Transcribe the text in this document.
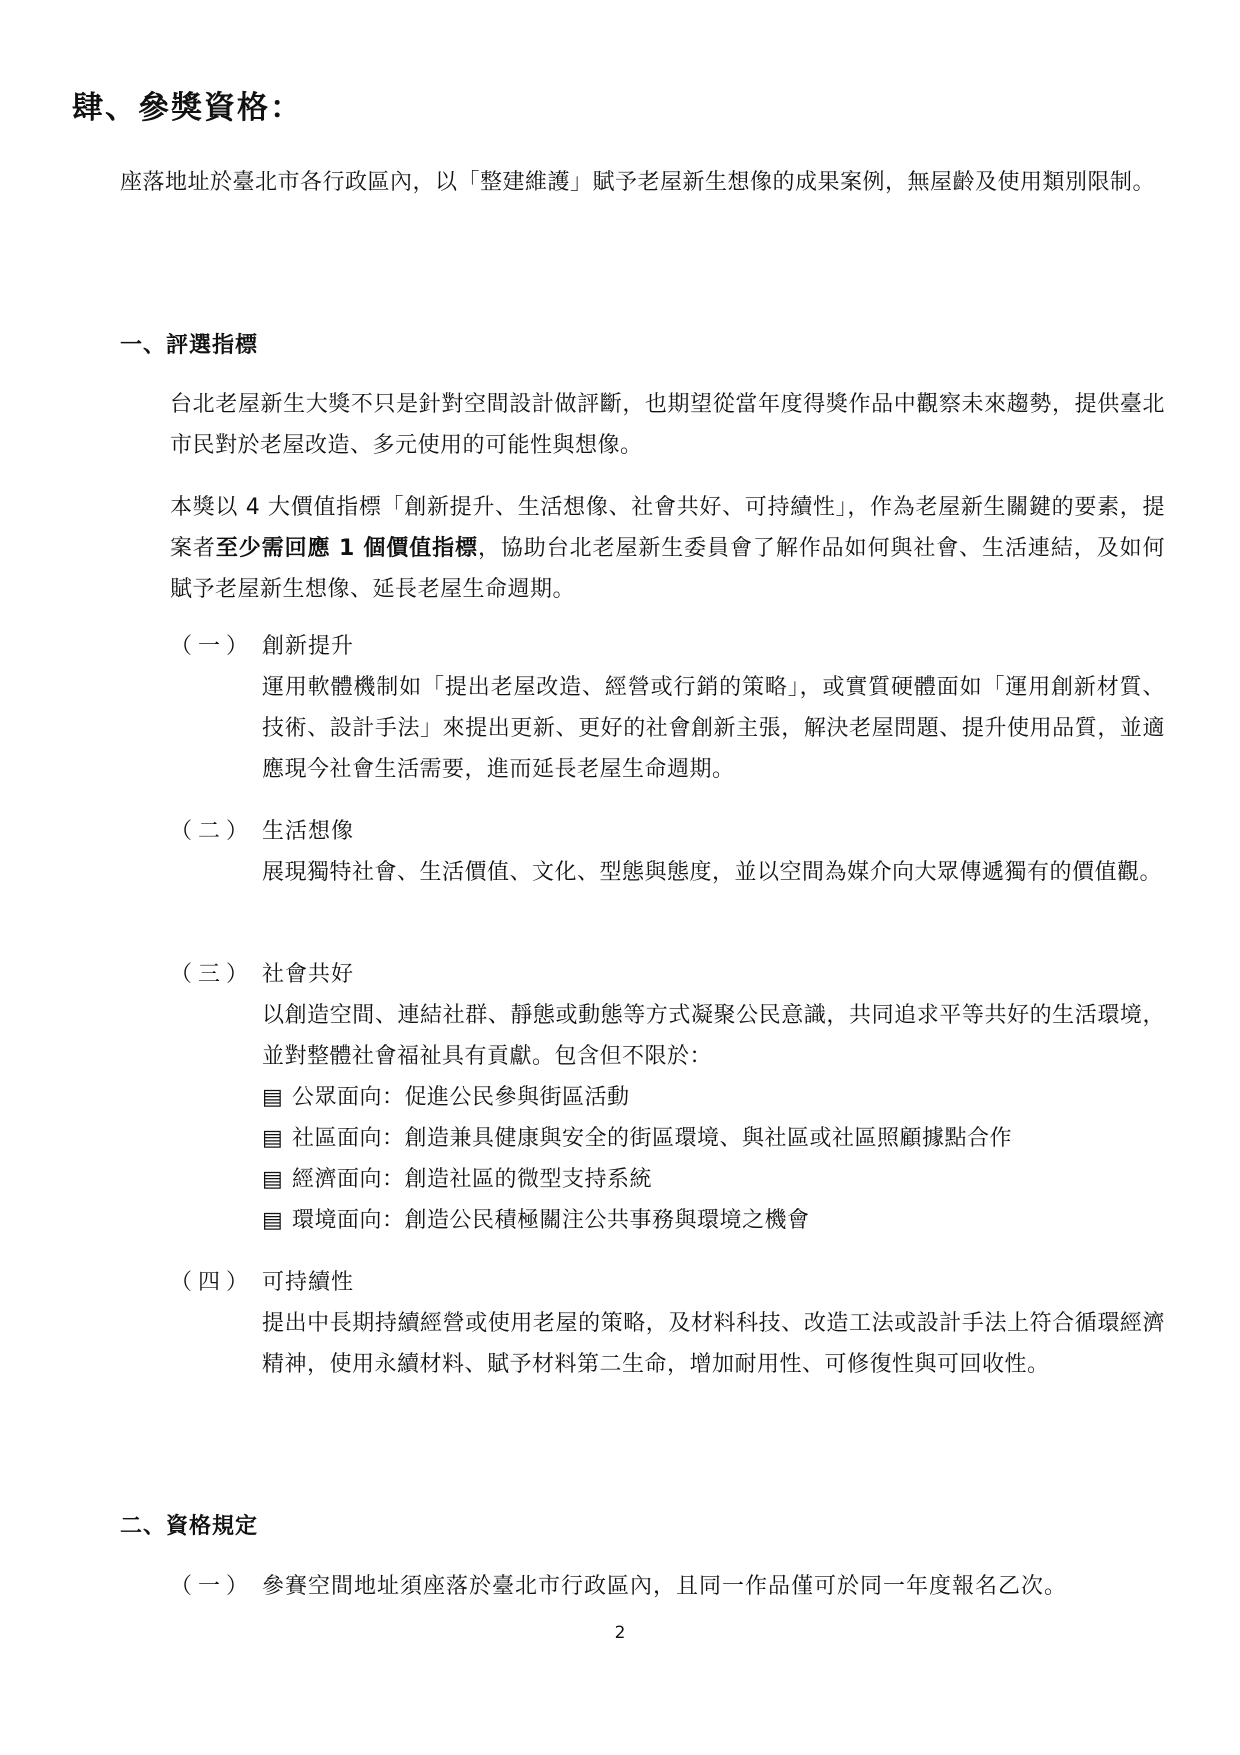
肆、參獎資格：
座落地址於臺北市各行政區內，以「整建維護」賦予老屋新生想像的成果案例，無屋齡及使用類別限制。
一、評選指標
台北老屋新生大獎不只是針對空間設計做評斷，也期望從當年度得獎作品中觀察未來趨勢，提供臺北市民對於老屋改造、多元使用的可能性與想像。
本獎以 4 大價值指標「創新提升、生活想像、社會共好、可持續性」，作為老屋新生關鍵的要素，提案者至少需回應 1 個價值指標，協助台北老屋新生委員會了解作品如何與社會、生活連結，及如何賦予老屋新生想像、延長老屋生命週期。
（一） 創新提升
運用軟體機制如「提出老屋改造、經營或行銷的策略」，或實質硬體面如「運用創新材質、技術、設計手法」來提出更新、更好的社會創新主張，解決老屋問題、提升使用品質，並適應現今社會生活需要，進而延長老屋生命週期。
（二） 生活想像
展現獨特社會、生活價值、文化、型態與態度，並以空間為媒介向大眾傳遞獨有的價值觀。
（三） 社會共好
以創造空間、連結社群、靜態或動態等方式凝聚公民意識，共同追求平等共好的生活環境，並對整體社會福祉具有貢獻。包含但不限於：
▤ 公眾面向：促進公民參與街區活動
▤ 社區面向：創造兼具健康與安全的街區環境、與社區或社區照顧據點合作
▤ 經濟面向：創造社區的微型支持系統
▤ 環境面向：創造公民積極關注公共事務與環境之機會
（四） 可持續性
提出中長期持續經營或使用老屋的策略，及材料科技、改造工法或設計手法上符合循環經濟精神，使用永續材料、賦予材料第二生命，增加耐用性、可修復性與可回收性。
二、資格規定
（一） 參賽空間地址須座落於臺北市行政區內，且同一作品僅可於同一年度報名乙次。
2
